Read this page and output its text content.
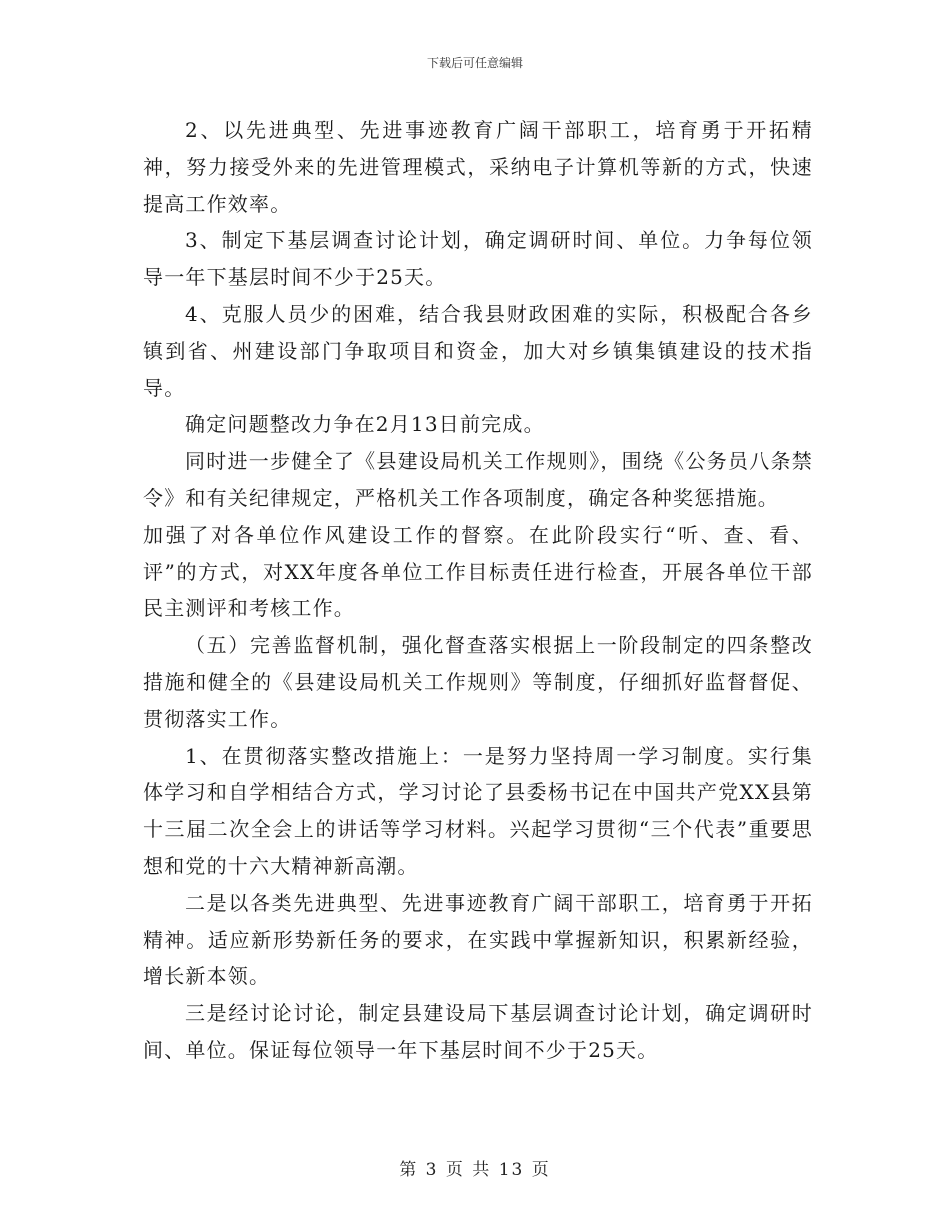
下载后可任意编辑

2、以先进典型、先进事迹教育广阔干部职工，培育勇于开拓精神，努力接受外来的先进管理模式，采纳电子计算机等新的方式，快速提高工作效率。

3、制定下基层调查讨论计划，确定调研时间、单位。力争每位领导一年下基层时间不少于25天。

4、克服人员少的困难，结合我县财政困难的实际，积极配合各乡镇到省、州建设部门争取项目和资金，加大对乡镇集镇建设的技术指导。

确定问题整改力争在2月13日前完成。

同时进一步健全了《县建设局机关工作规则》，围绕《公务员八条禁令》和有关纪律规定，严格机关工作各项制度，确定各种奖惩措施。

加强了对各单位作风建设工作的督察。在此阶段实行“听、查、看、评”的方式，对XX年度各单位工作目标责任进行检查，开展各单位干部民主测评和考核工作。

（五）完善监督机制，强化督查落实根据上一阶段制定的四条整改措施和健全的《县建设局机关工作规则》等制度，仔细抓好监督督促、贯彻落实工作。

1、在贯彻落实整改措施上：一是努力坚持周一学习制度。实行集体学习和自学相结合方式，学习讨论了县委杨书记在中国共产党XX县第十三届二次全会上的讲话等学习材料。兴起学习贯彻“三个代表”重要思想和党的十六大精神新高潮。

二是以各类先进典型、先进事迹教育广阔干部职工，培育勇于开拓精神。适应新形势新任务的要求，在实践中掌握新知识，积累新经验，增长新本领。

三是经讨论讨论，制定县建设局下基层调查讨论计划，确定调研时间、单位。保证每位领导一年下基层时间不少于25天。

第 3 页 共 13 页
